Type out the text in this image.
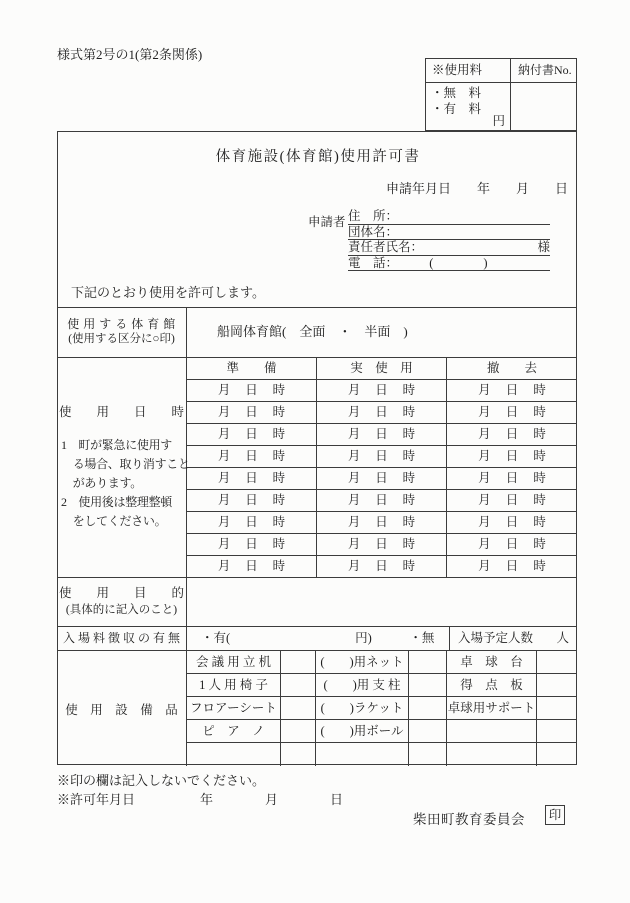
様式第2号の1(第2条関係)
※使用料	納付書No.
・無　料
・有　料
円
体育施設(体育館)使用許可書
申請年月日　　年　　月　　日
申請者 住　所：
団体名：
責任者氏名：	様
電　話：　　　(　　　　)
下記のとおり使用を許可します。
使 用 す る 体 育 館
(使用する区分に○印)	船岡体育館(　全面　・　半面　)
使　　用　　日　　時
1　町が緊急に使用す
　る場合、取り消すこと
　があります。
2　使用後は整理整頓
　をしてください。
準　　備	実　使　用	撤　　去
月 日 時	月 日 時	月 日 時
月 日 時	月 日 時	月 日 時
月 日 時	月 日 時	月 日 時
月 日 時	月 日 時	月 日 時
月 日 時	月 日 時	月 日 時
月 日 時	月 日 時	月 日 時
月 日 時	月 日 時	月 日 時
月 日 時	月 日 時	月 日 時
月 日 時	月 日 時	月 日 時
使　　用　　目　　的
(具体的に記入のこと)
入 場 料 徴 収 の 有 無	・有(　　　　　　　　　　円)　　　・無	入場予定人数 人
使　用　設　備　品
会 議 用 立 机	(　　)用ネット	卓　球　台
1 人 用 椅 子	(　　)用 支 柱	得　点　板
フロアーシート	(　　)ラケット	卓球用サポート
ピ　ア　ノ	(　　)用ボール
※印の欄は記入しないでください。
※許可年月日　　　　　年　　　　月　　　　日
柴田町教育委員会 印
